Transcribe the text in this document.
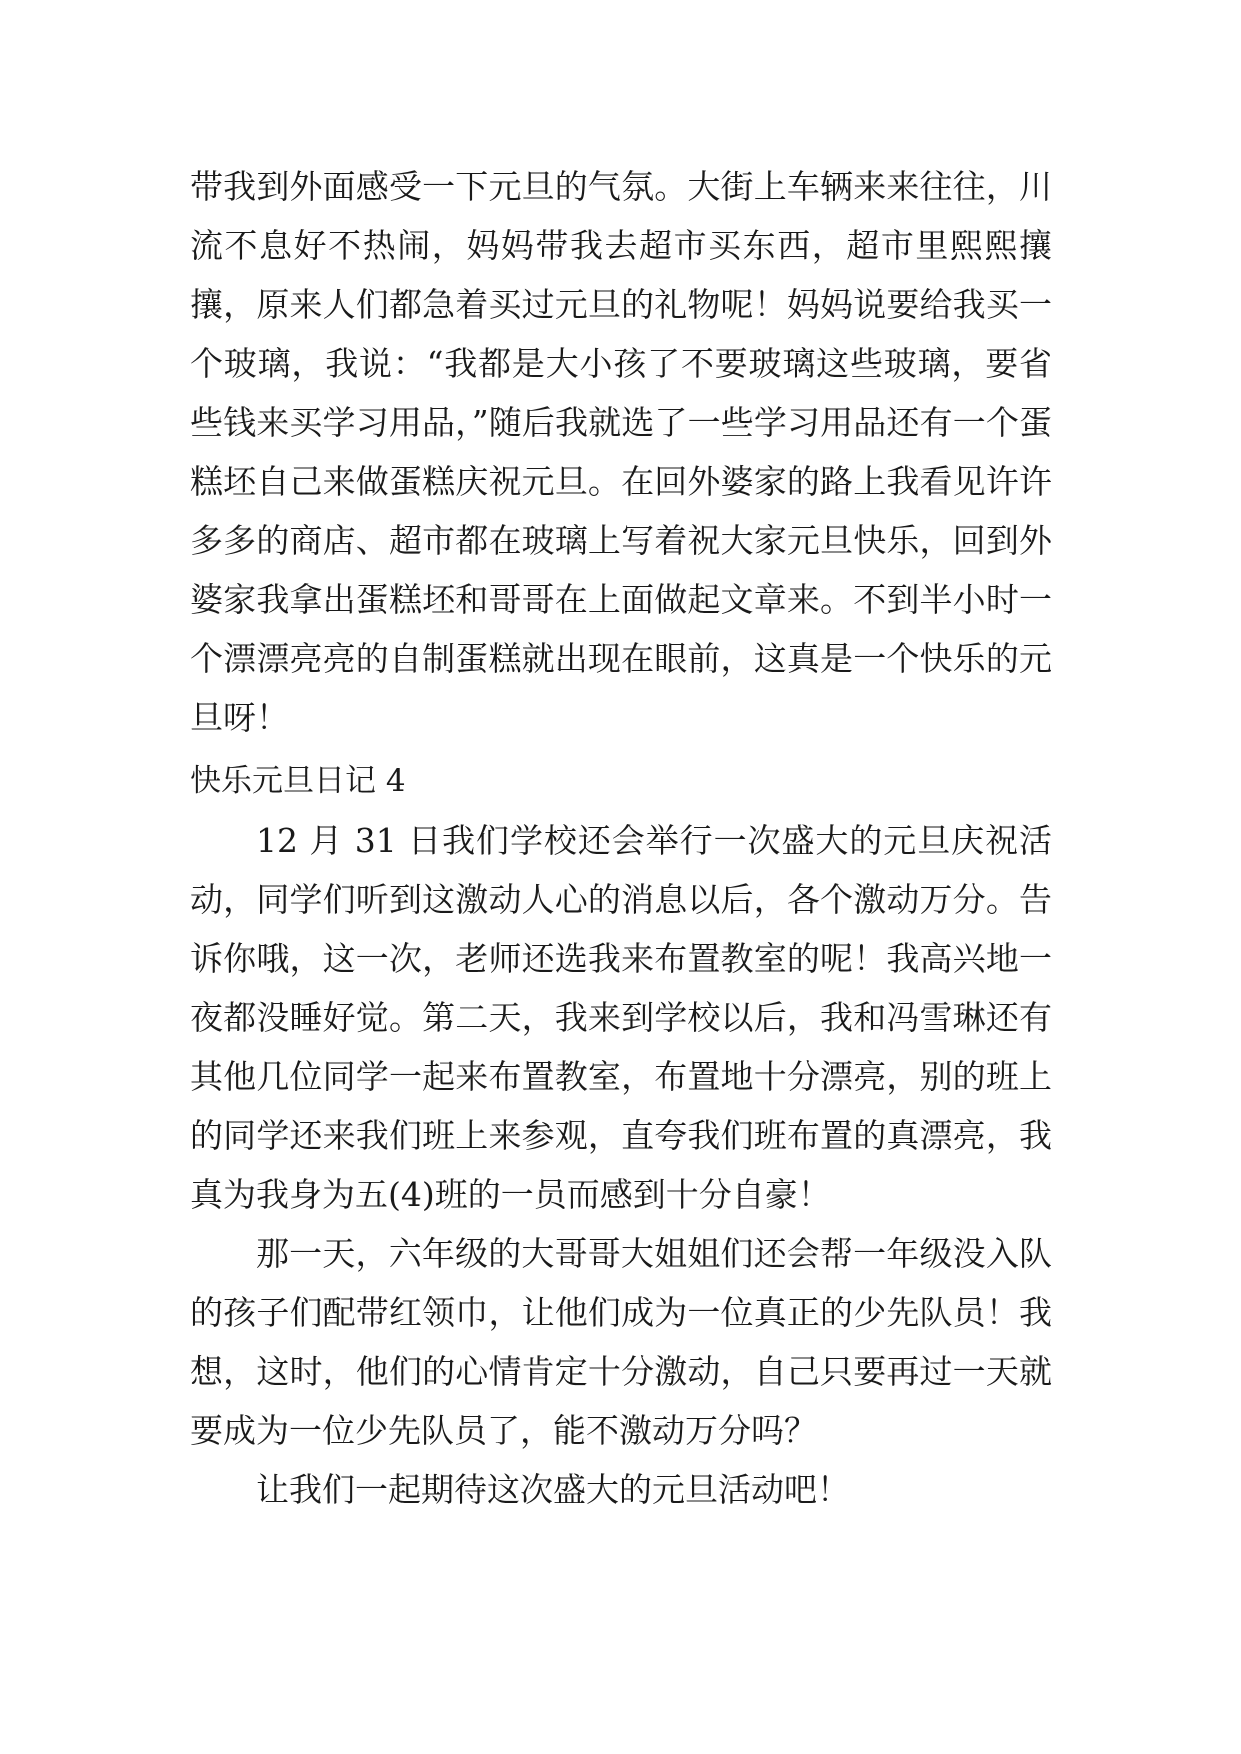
带我到外面感受一下元旦的气氛。大街上车辆来来往往，川流不息好不热闹，妈妈带我去超市买东西，超市里熙熙攘攘，原来人们都急着买过元旦的礼物呢！妈妈说要给我买一个玻璃，我说：“我都是大小孩了不要玻璃这些玻璃，要省些钱来买学习用品，”随后我就选了一些学习用品还有一个蛋糕坯自己来做蛋糕庆祝元旦。在回外婆家的路上我看见许许多多的商店、超市都在玻璃上写着祝大家元旦快乐，回到外婆家我拿出蛋糕坯和哥哥在上面做起文章来。不到半小时一个漂漂亮亮的自制蛋糕就出现在眼前，这真是一个快乐的元旦呀！

快乐元旦日记 4

12 月 31 日我们学校还会举行一次盛大的元旦庆祝活动，同学们听到这激动人心的消息以后，各个激动万分。告诉你哦，这一次，老师还选我来布置教室的呢！我高兴地一夜都没睡好觉。第二天，我来到学校以后，我和冯雪琳还有其他几位同学一起来布置教室，布置地十分漂亮，别的班上的同学还来我们班上来参观，直夸我们班布置的真漂亮，我真为我身为五(4)班的一员而感到十分自豪！

那一天，六年级的大哥哥大姐姐们还会帮一年级没入队的孩子们配带红领巾，让他们成为一位真正的少先队员！我想，这时，他们的心情肯定十分激动，自己只要再过一天就要成为一位少先队员了，能不激动万分吗？

让我们一起期待这次盛大的元旦活动吧！
